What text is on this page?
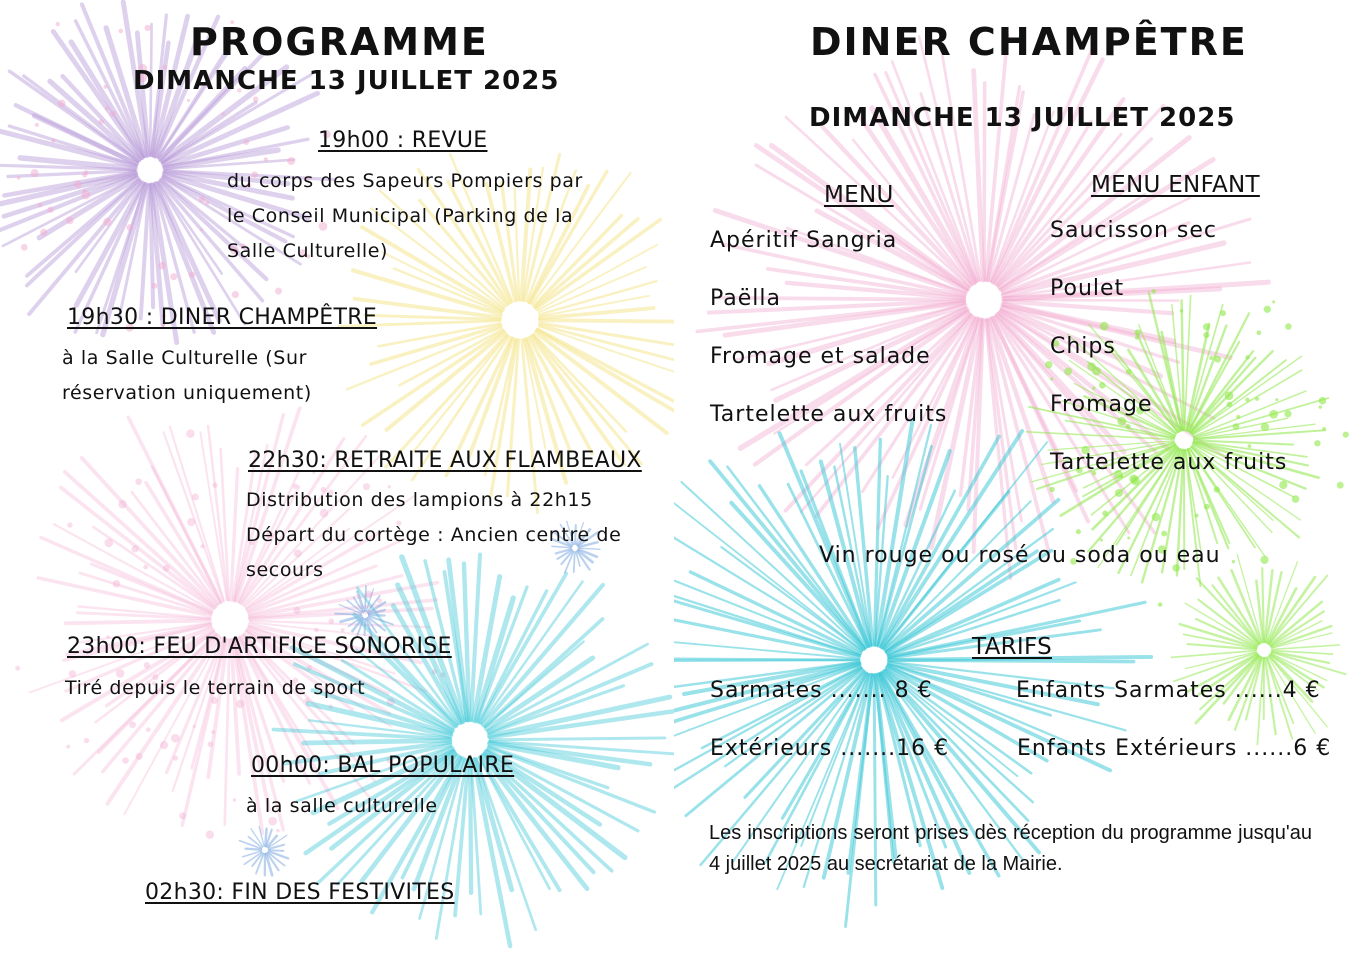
PROGRAMME
DIMANCHE 13 JUILLET 2025
19h00 : REVUE
du corps des Sapeurs Pompiers par
le Conseil Municipal (Parking de la
Salle Culturelle)
19h30 : DINER CHAMPÊTRE
à la Salle Culturelle (Sur
réservation uniquement)
22h30: RETRAITE AUX FLAMBEAUX
Distribution des lampions à 22h15
Départ du cortège : Ancien centre de
secours
23h00: FEU D'ARTIFICE SONORISE
Tiré depuis le terrain de sport
00h00: BAL POPULAIRE
à la salle culturelle
02h30: FIN DES FESTIVITES
DINER CHAMPÊTRE
DIMANCHE 13 JUILLET 2025
MENU
Apéritif Sangria
Paëlla
Fromage et salade
Tartelette aux fruits
MENU ENFANT
Saucisson sec
Poulet
Chips
Fromage
Tartelette aux fruits
Vin rouge ou rosé ou soda ou eau
TARIFS
Sarmates ....... 8 €
Extérieurs .......16 €
Enfants Sarmates ......4 €
Enfants Extérieurs ......6 €
Les inscriptions seront prises dès réception du programme jusqu'au 4 juillet 2025 au secrétariat de la Mairie.
